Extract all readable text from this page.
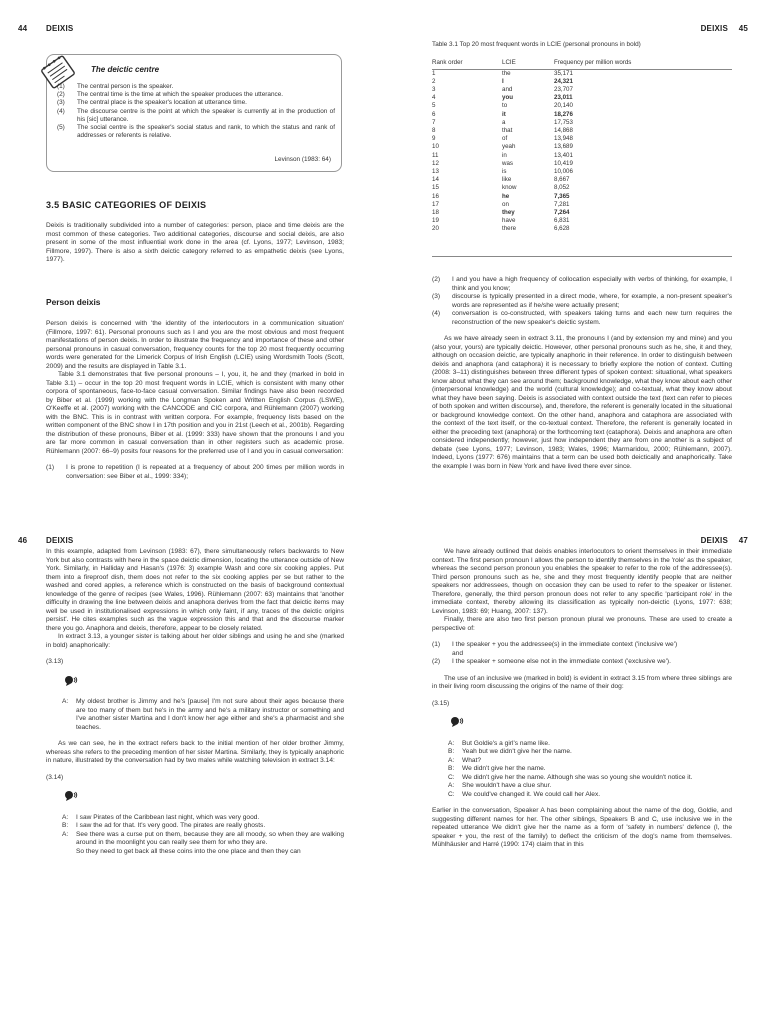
44 DEIXIS
The deictic centre
(1)	The central person is the speaker.
(2)	The central time is the time at which the speaker produces the utterance.
(3)	The central place is the speaker's location at utterance time.
(4)	The discourse centre is the point at which the speaker is currently at in the production of his [sic] utterance.
(5)	The social centre is the speaker's social status and rank, to which the status and rank of addresses or referents is relative.
Levinson (1983: 64)
3.5 BASIC CATEGORIES OF DEIXIS

Deixis is traditionally subdivided into a number of categories: person, place and time deixis are the most common of these categories. Two additional categories, discourse and social deixis, are also present in some of the most influential work done in the area (cf. Lyons, 1977; Levinson, 1983; Fillmore, 1997). There is also a sixth deictic category referred to as empathetic deixis (see Lyons, 1977).

Person deixis

Person deixis is concerned with 'the identity of the interlocutors in a communication situation' (Fillmore, 1997: 61). Personal pronouns such as I and you are the most obvious and most frequent manifestations of person deixis. In order to illustrate the frequency and importance of these and other personal pronouns in casual conversation, frequency counts for the top 20 most frequently occurring words were generated for the Limerick Corpus of Irish English (LCIE) using Wordsmith Tools (Scott, 2009) and the results are displayed in Table 3.1.

Table 3.1 demonstrates that five personal pronouns – I, you, it, he and they (marked in bold in Table 3.1) – occur in the top 20 most frequent words in LCIE, which is consistent with many other corpora of spontaneous, face-to-face casual conversation. Similar findings have also been recorded by Biber et al. (1999) working with the Longman Spoken and Written English Corpus (LSWE), O'Keeffe et al. (2007) working with the CANCODE and CIC corpora, and Rühlemann (2007) working with the BNC. This is in contrast with written corpora. For example, frequency lists based on the written component of the BNC show I in 17th position and you in 21st (Leech et al., 2001b). Regarding the distribution of these pronouns, Biber et al. (1999: 333) have shown that the pronouns I and you are far more common in casual conversation than in other registers such as academic prose. Rühlemann (2007: 66–9) posits four reasons for the preferred use of I and you in casual conversation:

(1)	I is prone to repetition (I is repeated at a frequency of about 200 times per million words in conversation: see Biber et al., 1999: 334);
DEIXIS 45
Table 3.1 Top 20 most frequent words in LCIE (personal pronouns in bold)
Rank order	LCIE	Frequency per million words
1	the	35,171
2	I	24,321
3	and	23,707
4	you	23,011
5	to	20,140
6	it	18,276
7	a	17,753
8	that	14,868
9	of	13,948
10	yeah	13,689
11	in	13,401
12	was	10,419
13	is	10,006
14	like	8,667
15	know	8,052
16	he	7,365
17	on	7,281
18	they	7,264
19	have	6,831
20	there	6,628
(2)	I and you have a high frequency of collocation especially with verbs of thinking, for example, I think and you know;
(3)	discourse is typically presented in a direct mode, where, for example, a non-present speaker's words are represented as if he/she were actually present;
(4)	conversation is co-constructed, with speakers taking turns and each new turn requires the reconstruction of the new speaker's deictic system.

As we have already seen in extract 3.11, the pronouns I (and by extension my and mine) and you (also your, yours) are typically deictic. However, other personal pronouns such as he, she, it and they, although on occasion deictic, are typically anaphoric in their reference. In order to distinguish between deixis and anaphora (and cataphora) it is necessary to briefly explore the notion of context. Cutting (2008: 3–11) distinguishes between three different types of spoken context: situational, what speakers know about what they can see around them; background knowledge, what they know about each other (interpersonal knowledge) and the world (cultural knowledge); and co-textual, what they know about what they have been saying. Deixis is associated with context outside the text (text can refer to pieces of both spoken and written discourse), and, therefore, the referent is generally located in the situational or background knowledge context. On the other hand, anaphora and cataphora are associated with the context of the text itself, or the co-textual context. Therefore, the referent is generally located in either the preceding text (anaphora) or the forthcoming text (cataphora). Deixis and anaphora are often considered independently; however, just how independent they are from one another is a subject of debate (see Lyons, 1977; Levinson, 1983; Wales, 1996; Marmaridou, 2000; Rühlemann, 2007). Indeed, Lyons (1977: 676) maintains that a term can be used both deictically and anaphorically. Take the example I was born in New York and have lived there ever since.

46 DEIXIS

In this example, adapted from Levinson (1983: 67), there simultaneously refers backwards to New York but also contrasts with here in the space deictic dimension, locating the utterance outside of New York. Similarly, in Halliday and Hasan's (1976: 3) example Wash and core six cooking apples. Put them into a fireproof dish, them does not refer to the six cooking apples per se but rather to the washed and cored apples, a reference which is constructed on the basis of background contextual knowledge of the genre of recipes (see Wales, 1996). Rühlemann (2007: 63) maintains that 'another difficulty in drawing the line between deixis and anaphora derives from the fact that deictic items may well be used in institutionalised expressions in which only faint, if any, traces of the deictic origins persist'. He cites examples such as the vague expression this and that and the discourse marker there you go. Anaphora and deixis, therefore, appear to be closely related.

In extract 3.13, a younger sister is talking about her older siblings and using he and she (marked in bold) anaphorically:

(3.13)

A:	My oldest brother is Jimmy and he's [pause] I'm not sure about their ages because there are too many of them but he's in the army and he's a military instructor or something and I've another sister Martina and I don't know her age either and she's a pharmacist and she teaches.

As we can see, he in the extract refers back to the initial mention of her older brother Jimmy, whereas she refers to the preceding mention of her sister Martina. Similarly, they is typically anaphoric in nature, illustrated by the conversation had by two males while watching television in extract 3.14:

(3.14)

A:	I saw Pirates of the Caribbean last night, which was very good.
B:	I saw the ad for that. It's very good. The pirates are really ghosts.
A:	See there was a curse put on them, because they are all moody, so when they are walking around in the moonlight you can really see them for who they are.
So they need to get back all these coins into the one place and then they can
DEIXIS 47

We have already outlined that deixis enables interlocutors to orient themselves in their immediate context. The first person pronoun I allows the person to identify themselves in the 'role' as the speaker, whereas the second person pronoun you enables the speaker to refer to the role of the addressee(s). Third person pronouns such as he, she and they most frequently identify people that are neither speakers nor addressees, though on occasion they can be used to refer to the speaker or listener. Therefore, generally, the third person pronoun does not refer to any specific 'participant role' in the immediate context, thereby allowing its classification as typically non-deictic (Lyons, 1977: 638; Levinson, 1983: 69; Huang, 2007: 137).

Finally, there are also two first person pronoun plural we pronouns. These are used to create a perspective of:

(1)	I the speaker + you the addressee(s) in the immediate context ('inclusive we')
and
(2)	I the speaker + someone else not in the immediate context ('exclusive we').

The use of an inclusive we (marked in bold) is evident in extract 3.15 from where three siblings are in their living room discussing the origins of the name of their dog:

(3.15)

A:	But Goldie's a girl's name like.
B:	Yeah but we didn't give her the name.
A:	What?
B:	We didn't give her the name.
C:	We didn't give her the name. Although she was so young she wouldn't notice it.
A:	She wouldn't have a clue shur.
C:	We could've changed it. We could call her Alex.

Earlier in the conversation, Speaker A has been complaining about the name of the dog, Goldie, and suggesting different names for her. The other siblings, Speakers B and C, use inclusive we in the repeated utterance We didn't give her the name as a form of 'safety in numbers' defence (I, the speaker + you, the rest of the family) to deflect the criticism of the dog's name from themselves. Mühlhäusler and Harré (1990: 174) claim that in this
